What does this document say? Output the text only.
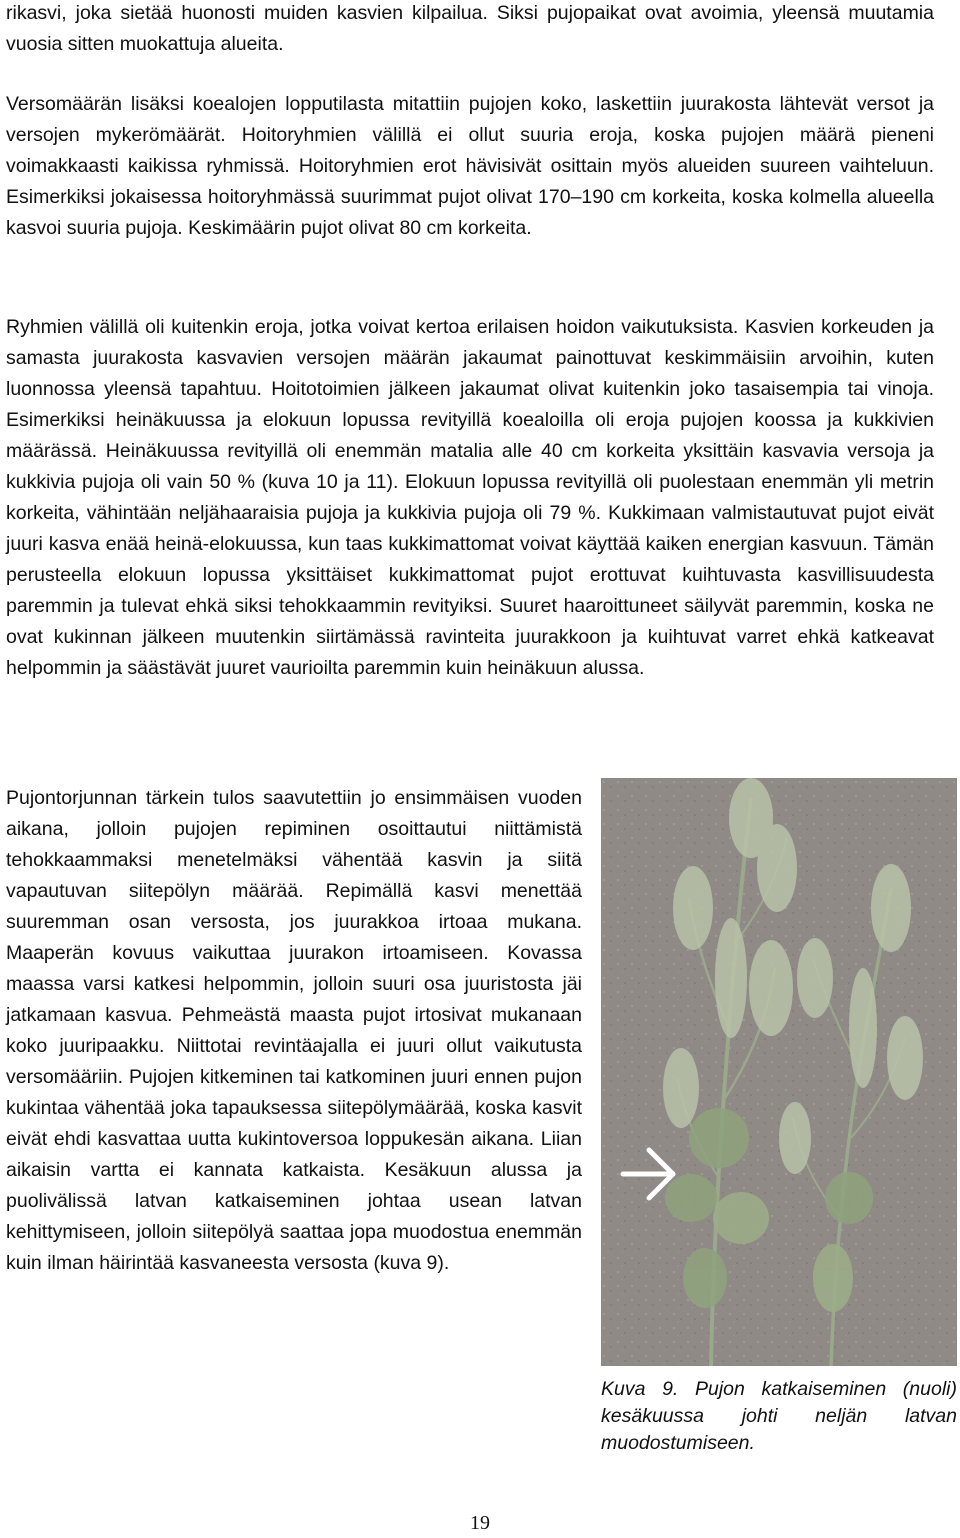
rikasvi, joka sietää huonosti muiden kasvien kilpailua. Siksi pujopaikat ovat avoimia, yleensä muutamia vuosia sitten muokattuja alueita.

Versomäärän lisäksi koealojen lopputilasta mitattiin pujojen koko, laskettiin juurakosta lähtevät versot ja versojen mykerömäärät. Hoitoryhmien välillä ei ollut suuria eroja, koska pujojen määrä pieneni voimakkaasti kaikissa ryhmissä. Hoitoryhmien erot hävisivät osittain myös alueiden suureen vaihteluun. Esimerkiksi jokaisessa hoitoryhmässä suurimmat pujot olivat 170–190 cm korkeita, koska kolmella alueella kasvoi suuria pujoja. Keskimäärin pujot olivat 80 cm korkeita.

Ryhmien välillä oli kuitenkin eroja, jotka voivat kertoa erilaisen hoidon vaikutuksista. Kasvien korkeuden ja samasta juurakosta kasvavien versojen määrän jakaumat painottuvat keskimmäisiin arvoihin, kuten luonnossa yleensä tapahtuu. Hoitotoimien jälkeen jakaumat olivat kuitenkin joko tasaisempia tai vinoja. Esimerkiksi heinäkuussa ja elokuun lopussa revityillä koealoilla oli eroja pujojen koossa ja kukkivien määrässä. Heinäkuussa revityillä oli enemmän matalia alle 40 cm korkeita yksittäin kasvavia versoja ja kukkivia pujoja oli vain 50 % (kuva 10 ja 11). Elokuun lopussa revityillä oli puolestaan enemmän yli metrin korkeita, vähintään neljähaaraisia pujoja ja kukkivia pujoja oli 79 %. Kukkimaan valmistautuvat pujot eivät juuri kasva enää heinä-elokuussa, kun taas kukkimattomat voivat käyttää kaiken energian kasvuun. Tämän perusteella elokuun lopussa yksittäiset kukkimattomat pujot erottuvat kuihtuvasta kasvillisuudesta paremmin ja tulevat ehkä siksi tehokkaammin revityiksi. Suuret haaroittuneet säilyvät paremmin, koska ne ovat kukinnan jälkeen muutenkin siirtämässä ravinteita juurakkoon ja kuihtuvat varret ehkä katkeavat helpommin ja säästävät juuret vaurioilta paremmin kuin heinäkuun alussa.

Pujontorjunnan tärkein tulos saavutettiin jo ensimmäisen vuoden aikana, jolloin pujojen repiminen osoittautui niittämistä tehokkaammaksi menetelmäksi vähentää kasvin ja siitä vapautuvan siitepölyn määrää. Repimällä kasvi menettää suuremman osan versosta, jos juurakkoa irtoaa mukana. Maaperän kovuus vaikuttaa juurakon irtoamiseen. Kovassa maassa varsi katkesi helpommin, jolloin suuri osa juuristosta jäi jatkamaan kasvua. Pehmeästä maasta pujot irtosivat mukanaan koko juuripaakku. Niittotai revintäajalla ei juuri ollut vaikutusta versomääriin. Pujojen kitkeminen tai katkominen juuri ennen pujon kukintaa vähentää joka tapauksessa siitepölymäärää, koska kasvit eivät ehdi kasvattaa uutta kukintoversoa loppukesän aikana. Liian aikaisin vartta ei kannata katkaista. Kesäkuun alussa ja puolivälissä latvan katkaiseminen johtaa usean latvan kehittymiseen, jolloin siitepölyä saattaa jopa muodostua enemmän kuin ilman häirintää kasvaneesta versosta (kuva 9).

Kuva 9. Pujon katkaiseminen (nuoli) kesäkuussa johti neljän latvan muodostumiseen.

19
